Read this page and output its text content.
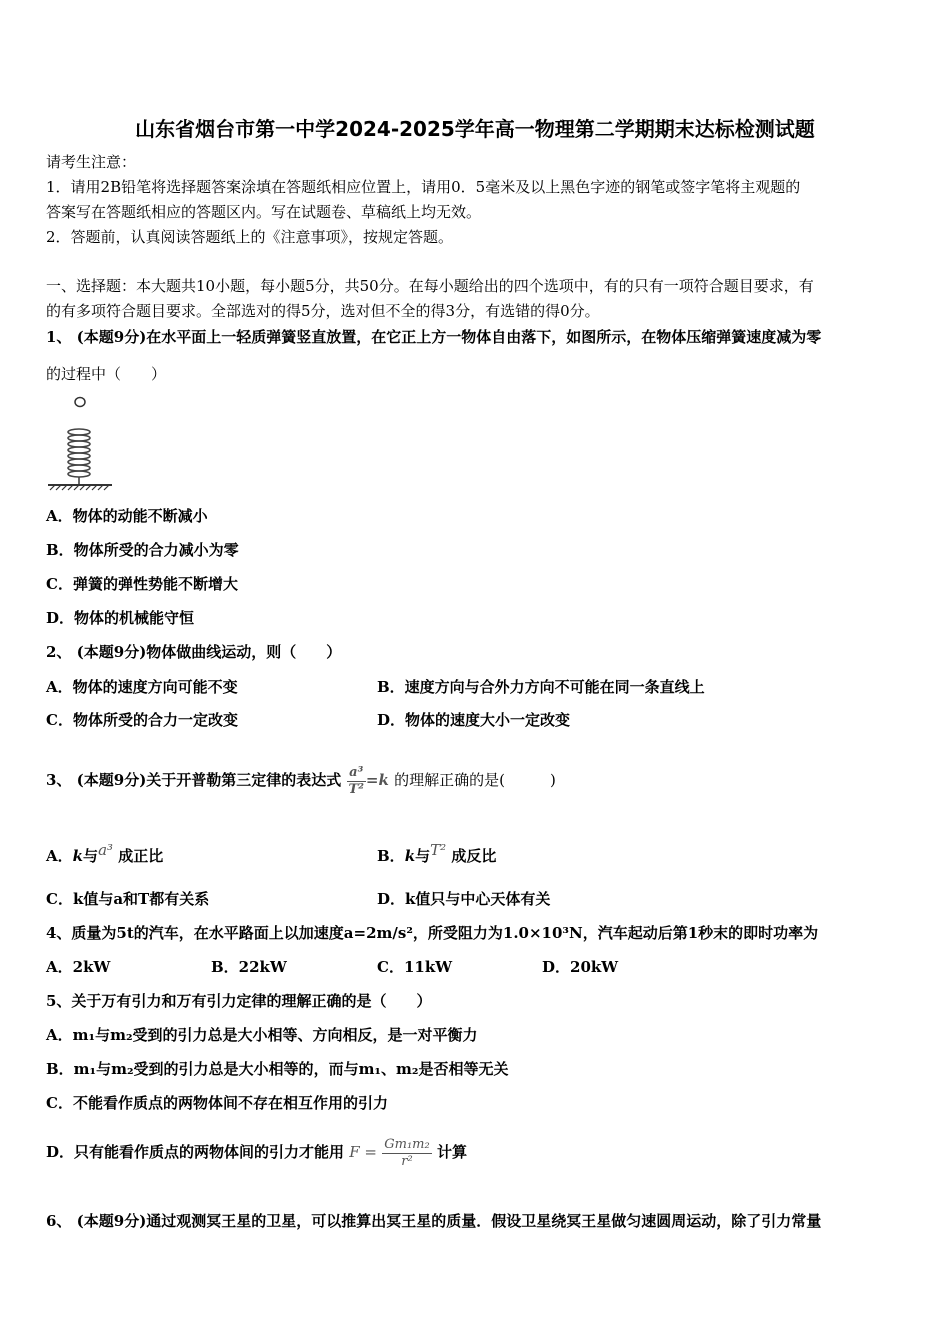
山东省烟台市第一中学2024-2025学年高一物理第二学期期末达标检测试题
请考生注意：
1．请用2B铅笔将选择题答案涂填在答题纸相应位置上，请用0．5毫米及以上黑色字迹的钢笔或签字笔将主观题的
答案写在答题纸相应的答题区内。写在试题卷、草稿纸上均无效。
2．答题前，认真阅读答题纸上的《注意事项》，按规定答题。
一、选择题：本大题共10小题，每小题5分，共50分。在每小题给出的四个选项中，有的只有一项符合题目要求，有
的有多项符合题目要求。全部选对的得5分，选对但不全的得3分，有选错的得0分。
1、 (本题9分)在水平面上一轻质弹簧竖直放置，在它正上方一物体自由落下，如图所示，在物体压缩弹簧速度减为零
的过程中（　　）
A．物体的动能不断减小
B．物体所受的合力减小为零
C．弹簧的弹性势能不断增大
D．物体的机械能守恒
2、 (本题9分)物体做曲线运动，则（　　）
A．物体的速度方向可能不变	B．速度方向与合外力方向不可能在同一条直线上
C．物体所受的合力一定改变	D．物体的速度大小一定改变
3、 (本题9分)关于开普勒第三定律的表达式 $\frac{\text{a³}}{\text{T²}} =k$ 的理解正确的是(　　　)
A．k与a³ 成正比	B．k与T² 成反比
C．k值与a和T都有关系	D．k值只与中心天体有关
4、质量为5t的汽车，在水平路面上以加速度a=2m/s²，所受阻力为1.0×10³N，汽车起动后第1秒末的即时功率为
A．2kW	B．22kW	C．11kW	D．20kW
5、关于万有引力和万有引力定律的理解正确的是（　　）
A．m₁与m₂受到的引力总是大小相等、方向相反，是一对平衡力
B．m₁与m₂受到的引力总是大小相等的，而与m₁、m₂是否相等无关
C．不能看作质点的两物体间不存在相互作用的引力
D．只有能看作质点的两物体间的引力才能用 $F = \frac{\text{Gm₁m₂}}{\text{r²}}$ 计算
6、 (本题9分)通过观测冥王星的卫星，可以推算出冥王星的质量．假设卫星绕冥王星做匀速圆周运动，除了引力常量
